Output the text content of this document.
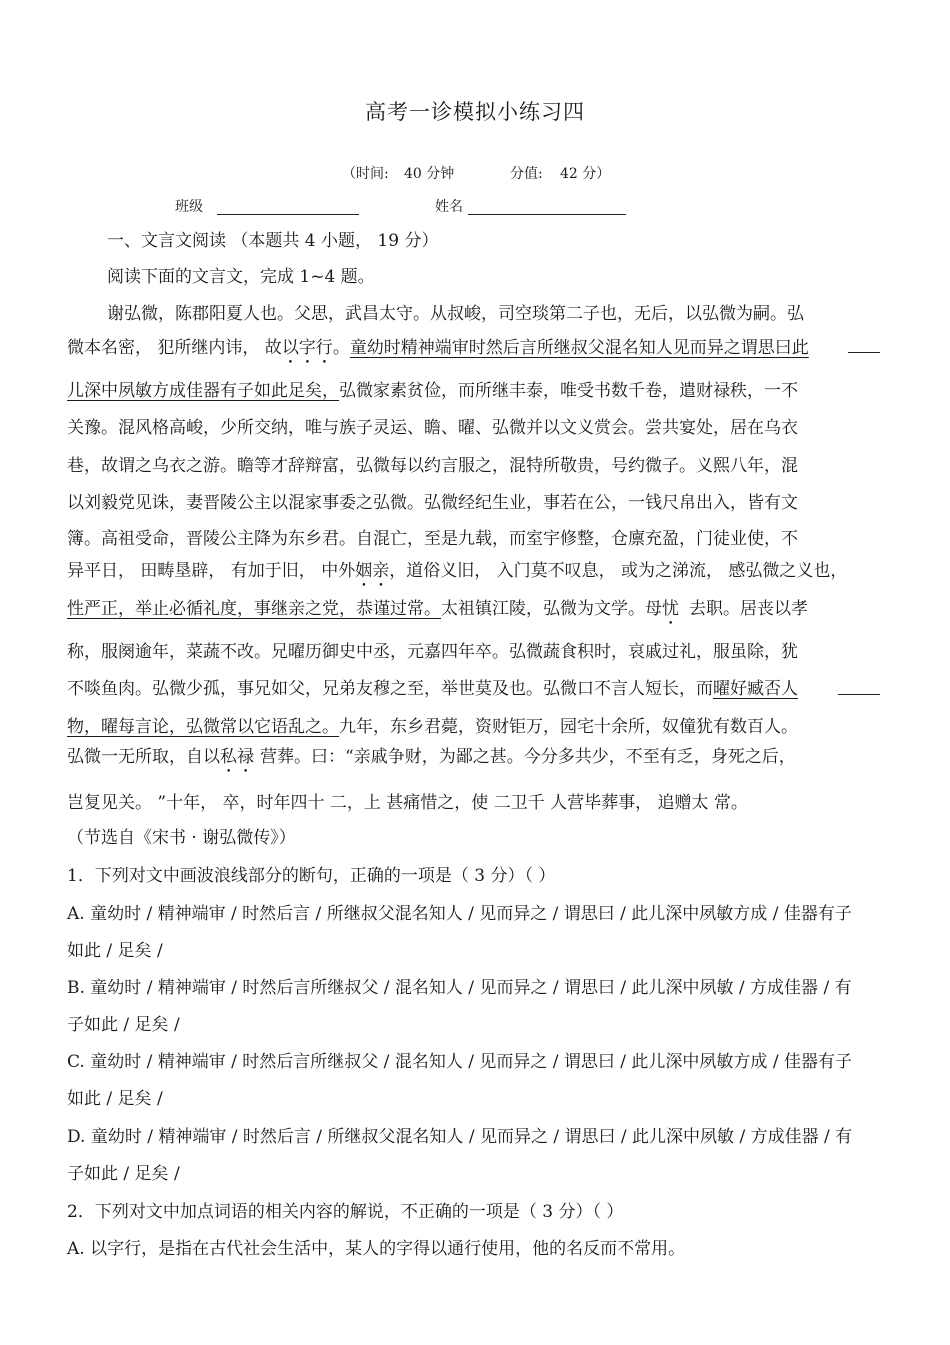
高考一诊模拟小练习四
（时间: 40 分钟	分值: 42 分）
班级	姓名
一、文言文阅读 （本题共 4 小题， 19 分）
阅读下面的文言文，完成 1~4 题。
谢弘微，陈郡阳夏人也。父思，武昌太守。从叔峻，司空琰第二子也，无后，以弘微为嗣。弘
微本名密， 犯所继内讳， 故以字行。童幼时精神端审时然后言所继叔父混名知人见而异之谓思曰此
儿深中夙敏方成佳器有子如此足矣，弘微家素贫俭，而所继丰泰，唯受书数千卷，遣财禄秩，一不
关豫。混风格高峻，少所交纳，唯与族子灵运、瞻、曜、弘微并以文义赏会。尝共宴处，居在乌衣
巷，故谓之乌衣之游。瞻等才辞辩富，弘微每以约言服之，混特所敬贵，号约微子。义熙八年，混
以刘毅党见诛，妻晋陵公主以混家事委之弘微。弘微经纪生业，事若在公，一钱尺帛出入，皆有文
簿。高祖受命，晋陵公主降为东乡君。自混亡，至是九载，而室宇修整，仓廪充盈，门徒业使，不
异平日， 田畴垦辟， 有加于旧， 中外姻亲，道俗义旧， 入门莫不叹息， 或为之涕流， 感弘微之义也，
性严正，举止必循礼度，事继亲之党，恭谨过常。太祖镇江陵，弘微为文学。母忧 去职。居丧以孝
称，服阕逾年，菜蔬不改。兄曜历御史中丞，元嘉四年卒。弘微蔬食积时，哀戚过礼，服虽除，犹
不啖鱼肉。弘微少孤，事兄如父，兄弟友穆之至，举世莫及也。弘微口不言人短长，而曜好臧否人
物，曜每言论，弘微常以它语乱之。九年，东乡君薨，资财钜万，园宅十余所，奴僮犹有数百人。
弘微一无所取，自以私禄 营葬。曰：“亲戚争财，为鄙之甚。今分多共少，不至有乏，身死之后，
岂复见关。 ”十年， 卒，时年四十 二，上 甚痛惜之，使 二卫千 人营毕葬事， 追赠太 常。
（节选自《宋书 · 谢弘微传》）
1．下列对文中画波浪线部分的断句，正确的一项是（ 3 分）（ ）
A. 童幼时 / 精神端审 / 时然后言 / 所继叔父混名知人 / 见而异之 / 谓思曰 / 此儿深中夙敏方成 / 佳器有子
如此 / 足矣 /
B. 童幼时 / 精神端审 / 时然后言所继叔父 / 混名知人 / 见而异之 / 谓思曰 / 此儿深中夙敏 / 方成佳器 / 有
子如此 / 足矣 /
C. 童幼时 / 精神端审 / 时然后言所继叔父 / 混名知人 / 见而异之 / 谓思曰 / 此儿深中夙敏方成 / 佳器有子
如此 / 足矣 /
D. 童幼时 / 精神端审 / 时然后言 / 所继叔父混名知人 / 见而异之 / 谓思曰 / 此儿深中夙敏 / 方成佳器 / 有
子如此 / 足矣 /
2．下列对文中加点词语的相关内容的解说，不正确的一项是（ 3 分）（ ）
A. 以字行，是指在古代社会生活中，某人的字得以通行使用，他的名反而不常用。
